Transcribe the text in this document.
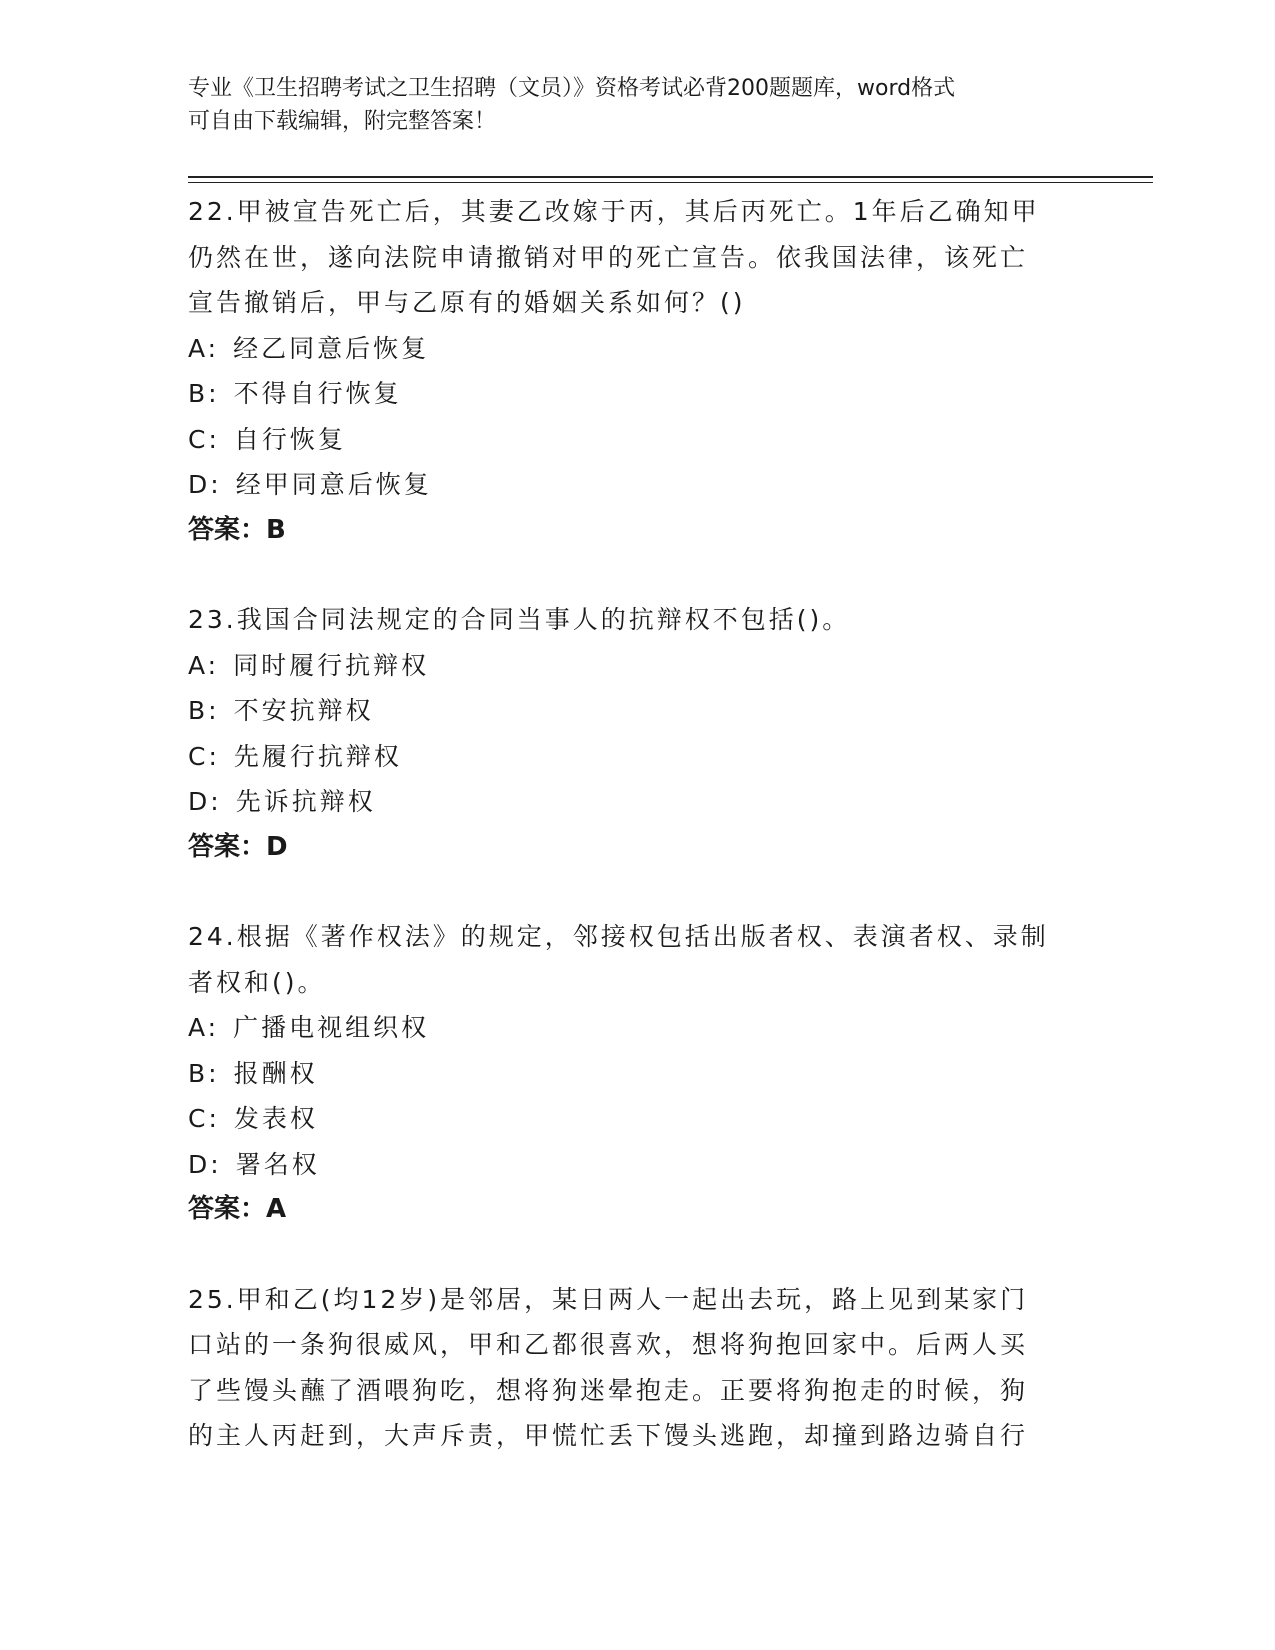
专业《卫生招聘考试之卫生招聘（文员）》资格考试必背200题题库，word格式
可自由下载编辑，附完整答案！
22.甲被宣告死亡后，其妻乙改嫁于丙，其后丙死亡。1年后乙确知甲
仍然在世，遂向法院申请撤销对甲的死亡宣告。依我国法律，该死亡
宣告撤销后，甲与乙原有的婚姻关系如何？()
A: 经乙同意后恢复
B: 不得自行恢复
C: 自行恢复
D: 经甲同意后恢复
答案：B
23.我国合同法规定的合同当事人的抗辩权不包括()。
A: 同时履行抗辩权
B: 不安抗辩权
C: 先履行抗辩权
D: 先诉抗辩权
答案：D
24.根据《著作权法》的规定，邻接权包括出版者权、表演者权、录制
者权和()。
A: 广播电视组织权
B: 报酬权
C: 发表权
D: 署名权
答案：A
25.甲和乙(均12岁)是邻居，某日两人一起出去玩，路上见到某家门
口站的一条狗很威风，甲和乙都很喜欢，想将狗抱回家中。后两人买
了些馒头蘸了酒喂狗吃，想将狗迷晕抱走。正要将狗抱走的时候，狗
的主人丙赶到，大声斥责，甲慌忙丢下馒头逃跑，却撞到路边骑自行
